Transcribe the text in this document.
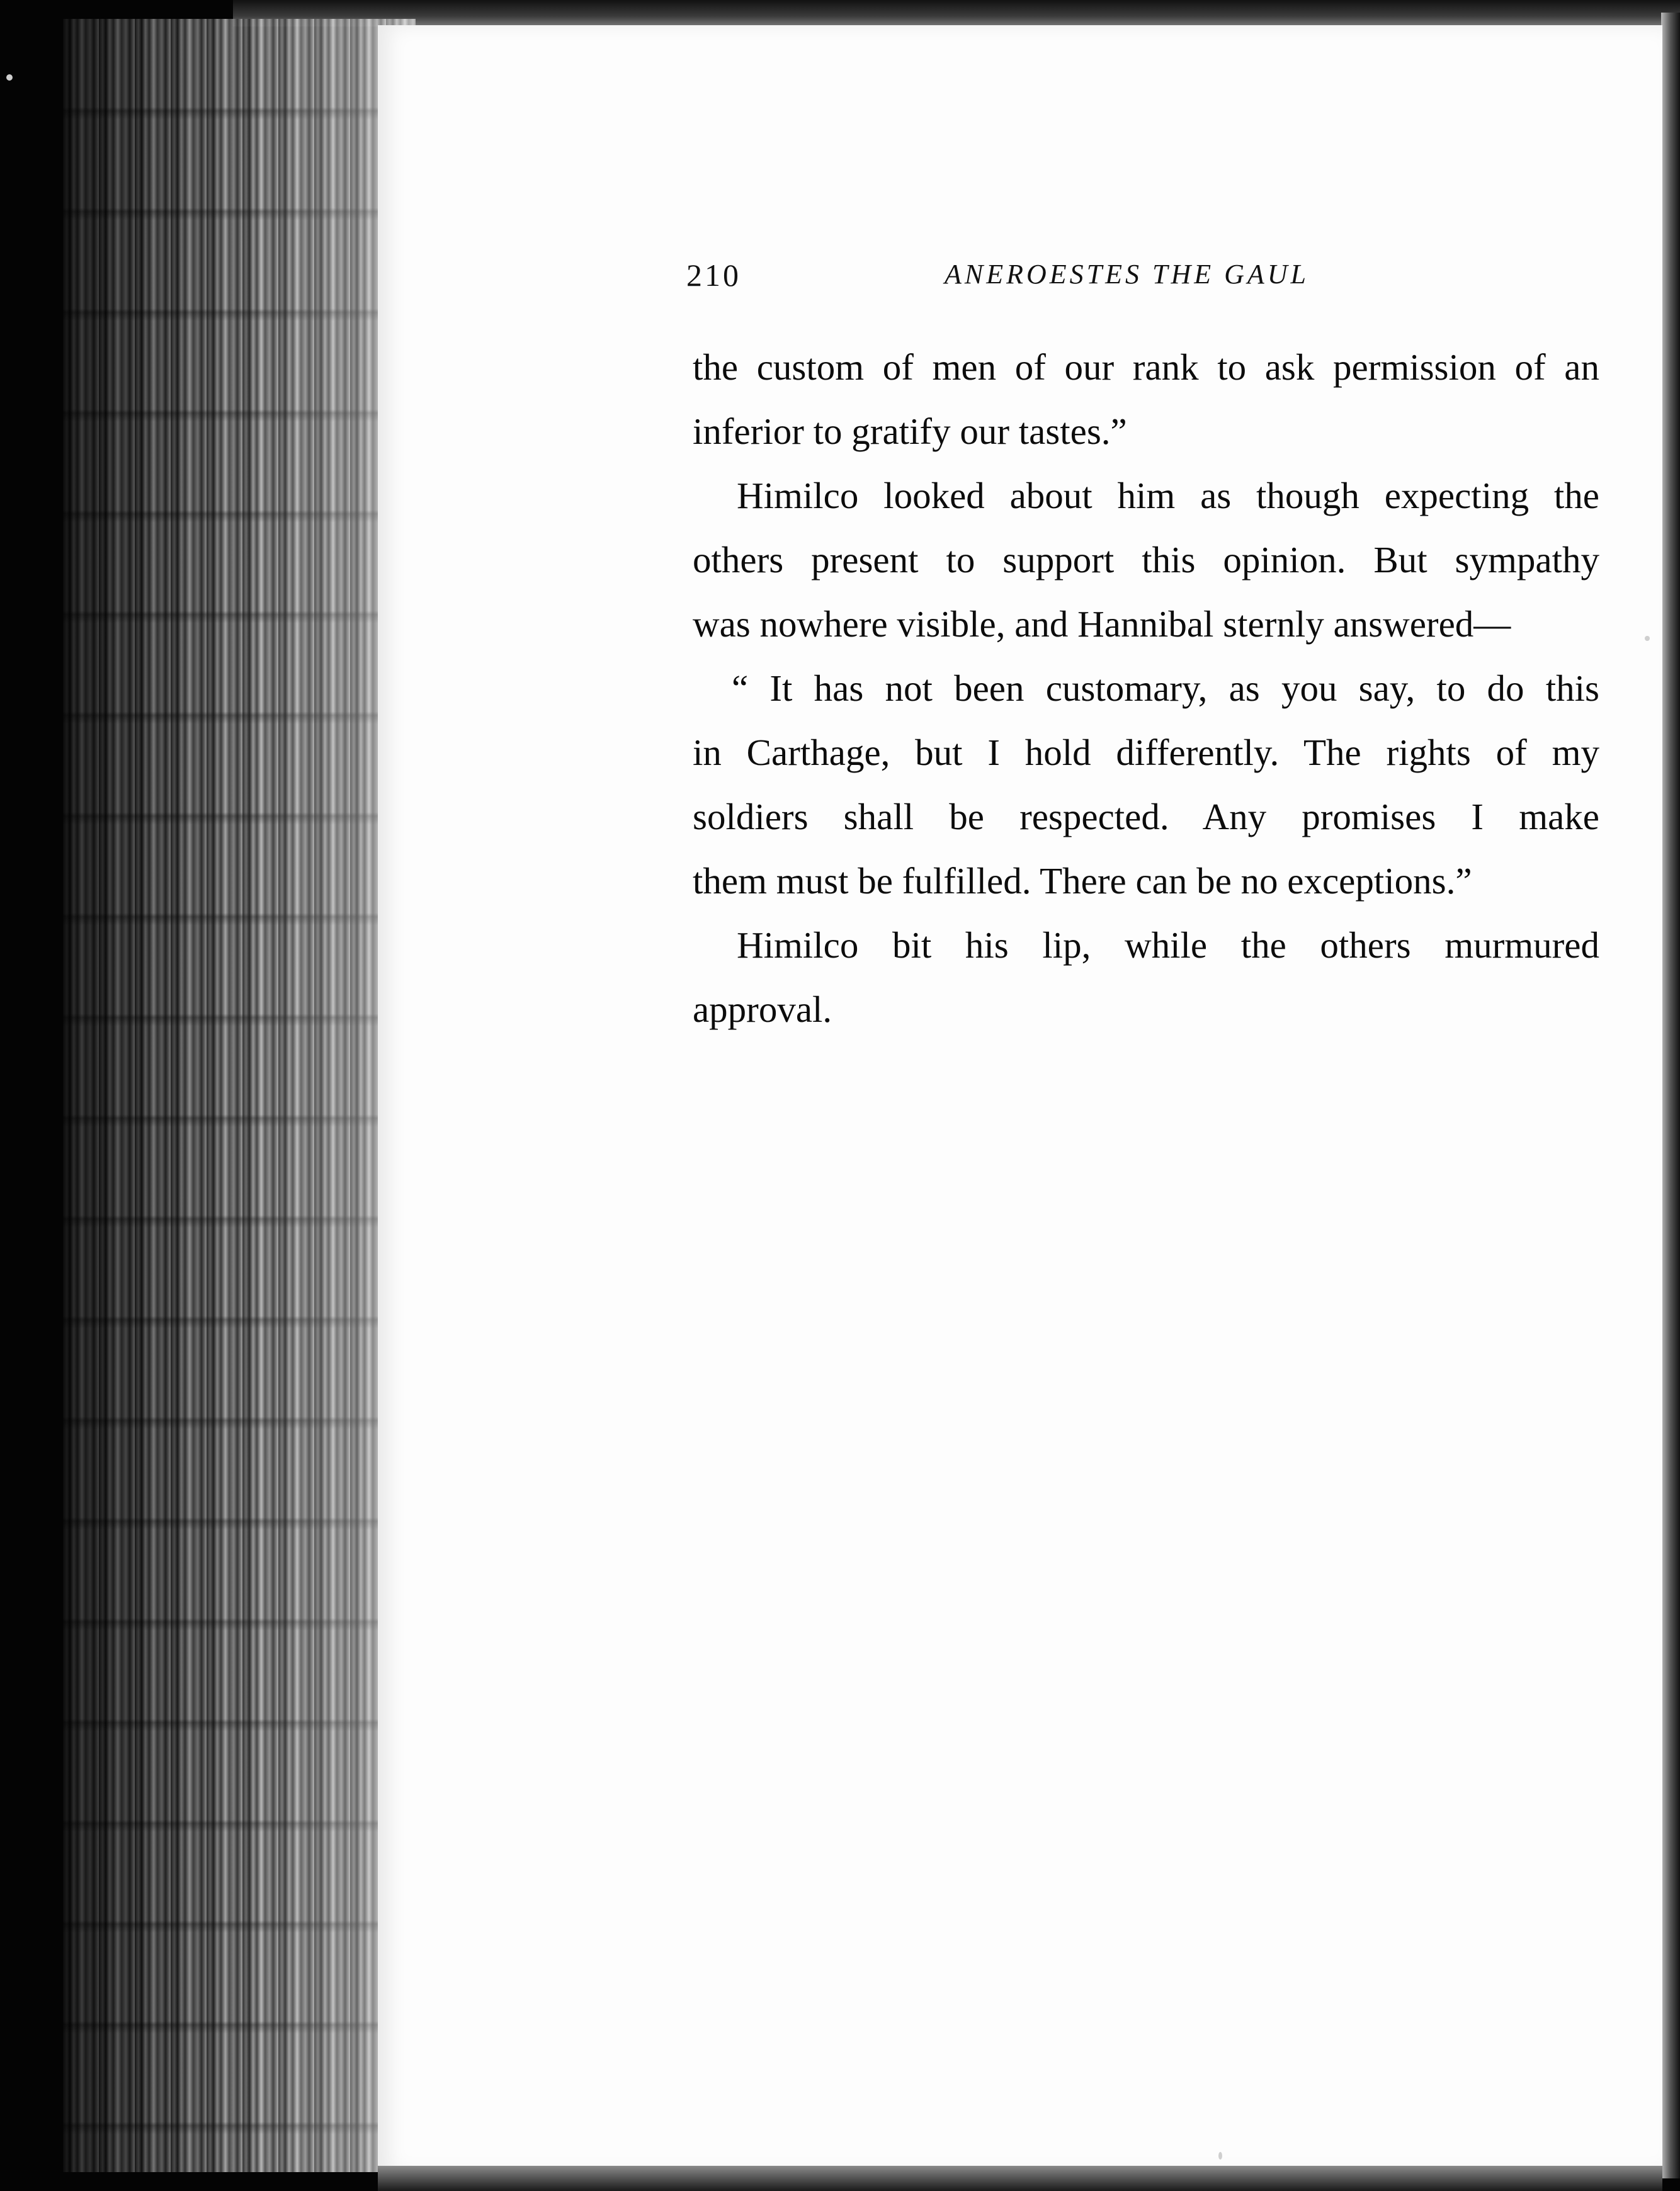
210	ANEROESTES THE GAUL
the custom of men of our rank to ask permission of an
inferior to gratify our tastes.”
Himilco looked about him as though expecting the
others present to support this opinion. But sympathy
was nowhere visible, and Hannibal sternly answered—
“ It has not been customary, as you say, to do this
in Carthage, but I hold differently. The rights of my
soldiers shall be respected. Any promises I make
them must be fulfilled. There can be no exceptions.”
Himilco bit his lip, while the others murmured
approval.
